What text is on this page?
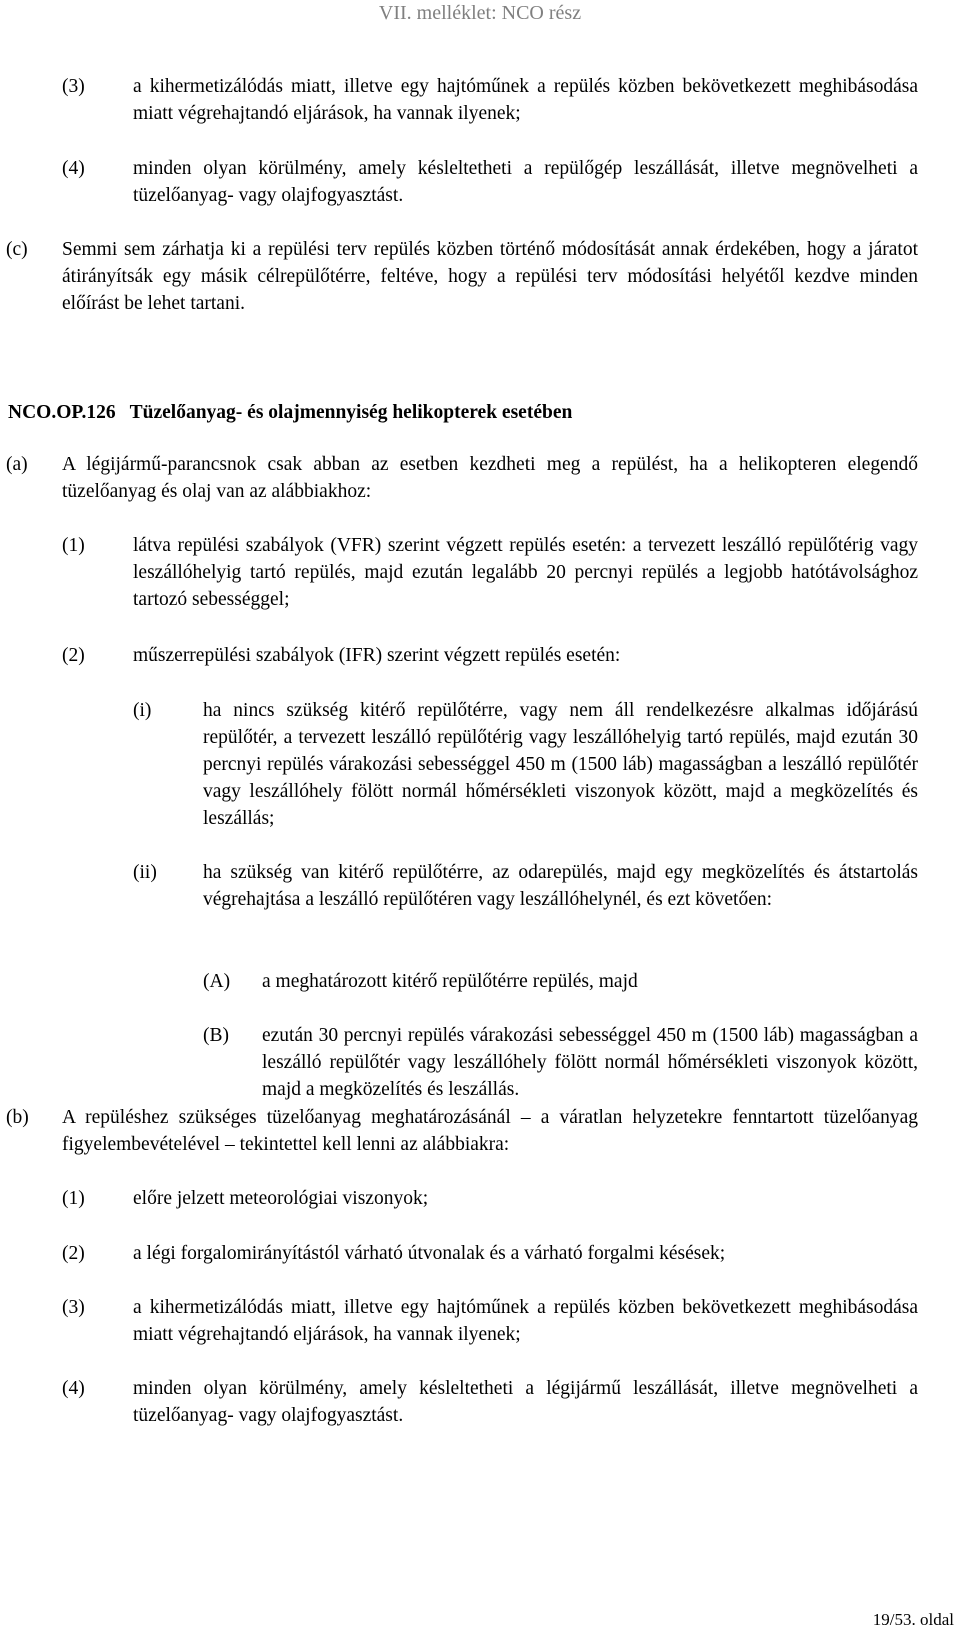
VII. melléklet: NCO rész
(3) a kihermetizálódás miatt, illetve egy hajtóműnek a repülés közben bekövetkezett meghibásodása miatt végrehajtandó eljárások, ha vannak ilyenek;
(4) minden olyan körülmény, amely késleltetheti a repülőgép leszállását, illetve megnövelheti a tüzelőanyag- vagy olajfogyasztást.
(c) Semmi sem zárhatja ki a repülési terv repülés közben történő módosítását annak érdekében, hogy a járatot átirányítsák egy másik célrepülőtérre, feltéve, hogy a repülési terv módosítási helyétől kezdve minden előírást be lehet tartani.
NCO.OP.126 Tüzelőanyag- és olajmennyiség helikopterek esetében
(a) A légijármű-parancsnok csak abban az esetben kezdheti meg a repülést, ha a helikopteren elegendő tüzelőanyag és olaj van az alábbiakhoz:
(1) látva repülési szabályok (VFR) szerint végzett repülés esetén: a tervezett leszálló repülőtérig vagy leszállóhelyig tartó repülés, majd ezután legalább 20 percnyi repülés a legjobb hatótávolsághoz tartozó sebességgel;
(2) műszerrepülési szabályok (IFR) szerint végzett repülés esetén:
(i)	ha nincs szükség kitérő repülőtérre, vagy nem áll rendelkezésre alkalmas időjárású repülőtér, a tervezett leszálló repülőtérig vagy leszállóhelyig tartó repülés, majd ezután 30 percnyi repülés várakozási sebességgel 450 m (1500 láb) magasságban a leszálló repülőtér vagy leszállóhely fölött normál hőmérsékleti viszonyok között, majd a megközelítés és leszállás;
(ii) ha szükség van kitérő repülőtérre, az odarepülés, majd egy megközelítés és átstartolás végrehajtása a leszálló repülőtéren vagy leszállóhelynél, és ezt követően:
(A) a meghatározott kitérő repülőtérre repülés, majd
(B) ezután 30 percnyi repülés várakozási sebességgel 450 m (1500 láb) magasságban a leszálló repülőtér vagy leszállóhely fölött normál hőmérsékleti viszonyok között, majd a megközelítés és leszállás.
(b) A repüléshez szükséges tüzelőanyag meghatározásánál – a váratlan helyzetekre fenntartott tüzelőanyag figyelembevételével – tekintettel kell lenni az alábbiakra:
(1) előre jelzett meteorológiai viszonyok;
(2) a légi forgalomirányítástól várható útvonalak és a várható forgalmi késések;
(3) a kihermetizálódás miatt, illetve egy hajtóműnek a repülés közben bekövetkezett meghibásodása miatt végrehajtandó eljárások, ha vannak ilyenek;
(4) minden olyan körülmény, amely késleltetheti a légijármű leszállását, illetve megnövelheti a tüzelőanyag- vagy olajfogyasztást.
19/53. oldal
